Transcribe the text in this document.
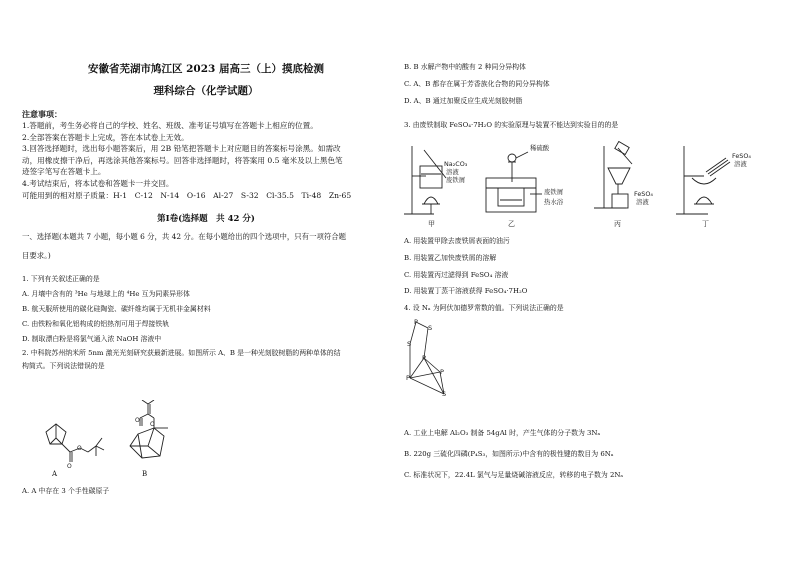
安徽省芜湖市鸠江区 2023 届高三（上）摸底检测
理科综合（化学试题）
注意事项：

1.答题前，考生务必将自己的学校、姓名、班级、准考证号填写在答题卡上相应的位置。

2.全部答案在答题卡上完成，答在本试卷上无效。

3.回答选择题时，选出每小题答案后，用 2B 铅笔把答题卡上对应题目的答案标号涂黑。如需改

动，用橡皮擦干净后，再选涂其他答案标号。回答非选择题时，将答案用 0.5 毫米及以上黑色笔

迹签字笔写在答题卡上。

4.考试结束后，将本试卷和答题卡一并交回。

可能用到的相对原子质量：H-1　C-12　N-14　O-16　Al-27　S-32　Cl-35.5　Ti-48　Zn-65

第Ⅰ卷(选择题　共 42 分)

一、选择题(本题共 7 小题，每小题 6 分，共 42 分。在每小题给出的四个选项中，只有一项符合题

目要求。)

1. 下列有关叙述正确的是

A. 月壤中含有的 ³He 与地球上的 ⁴He 互为同素异形体

B. 航天服所使用的碳化硅陶瓷、碳纤维均属于无机非金属材料

C. 由铁粉和氧化铝构成的铝热剂可用于焊接铁轨

D. 制取漂白粉是将氯气通入浓 NaOH 溶液中

2. 中科院苏州纳米所 5nm 激光光刻研究获最新进展。如图所示 A、B 是一种光刻胶树脂的两种单体的结

构简式。下列说法错误的是

O
O
A
O
O
B

A. A 中存在 3 个手性碳原子

B. B 水解产物中的酸有 2 种同分异构体

C. A、B 都存在属于芳香族化合物的同分异构体

D. A、B 通过加聚反应生成光刻胶树脂

3. 由废铁制取 FeSO₄·7H₂O 的实验原理与装置不能达到实验目的的是

Na₂CO₃
溶液
废铁屑
稀硫酸
废铁屑
热水浴
FeSO₄
溶液
FeSO₄
溶液
甲	乙	丙	丁

A. 用装置甲除去废铁屑表面的油污

B. 用装置乙加快废铁屑的溶解

C. 用装置丙过滤得到 FeSO₄ 溶液

D. 用装置丁蒸干溶液获得 FeSO₄·7H₂O

4. 设 Nₐ 为阿伏加德罗常数的值。下列说法正确的是

P
S
S
P
P
P
S

A. 工业上电解 Al₂O₃ 制备 54gAl 时，产生气体的分子数为 3Nₐ

B. 220g 三硫化四磷(P₄S₃，如图所示)中含有的极性键的数目为 6Nₐ

C. 标准状况下，22.4L 氯气与足量烧碱溶液反应，转移的电子数为 2Nₐ
